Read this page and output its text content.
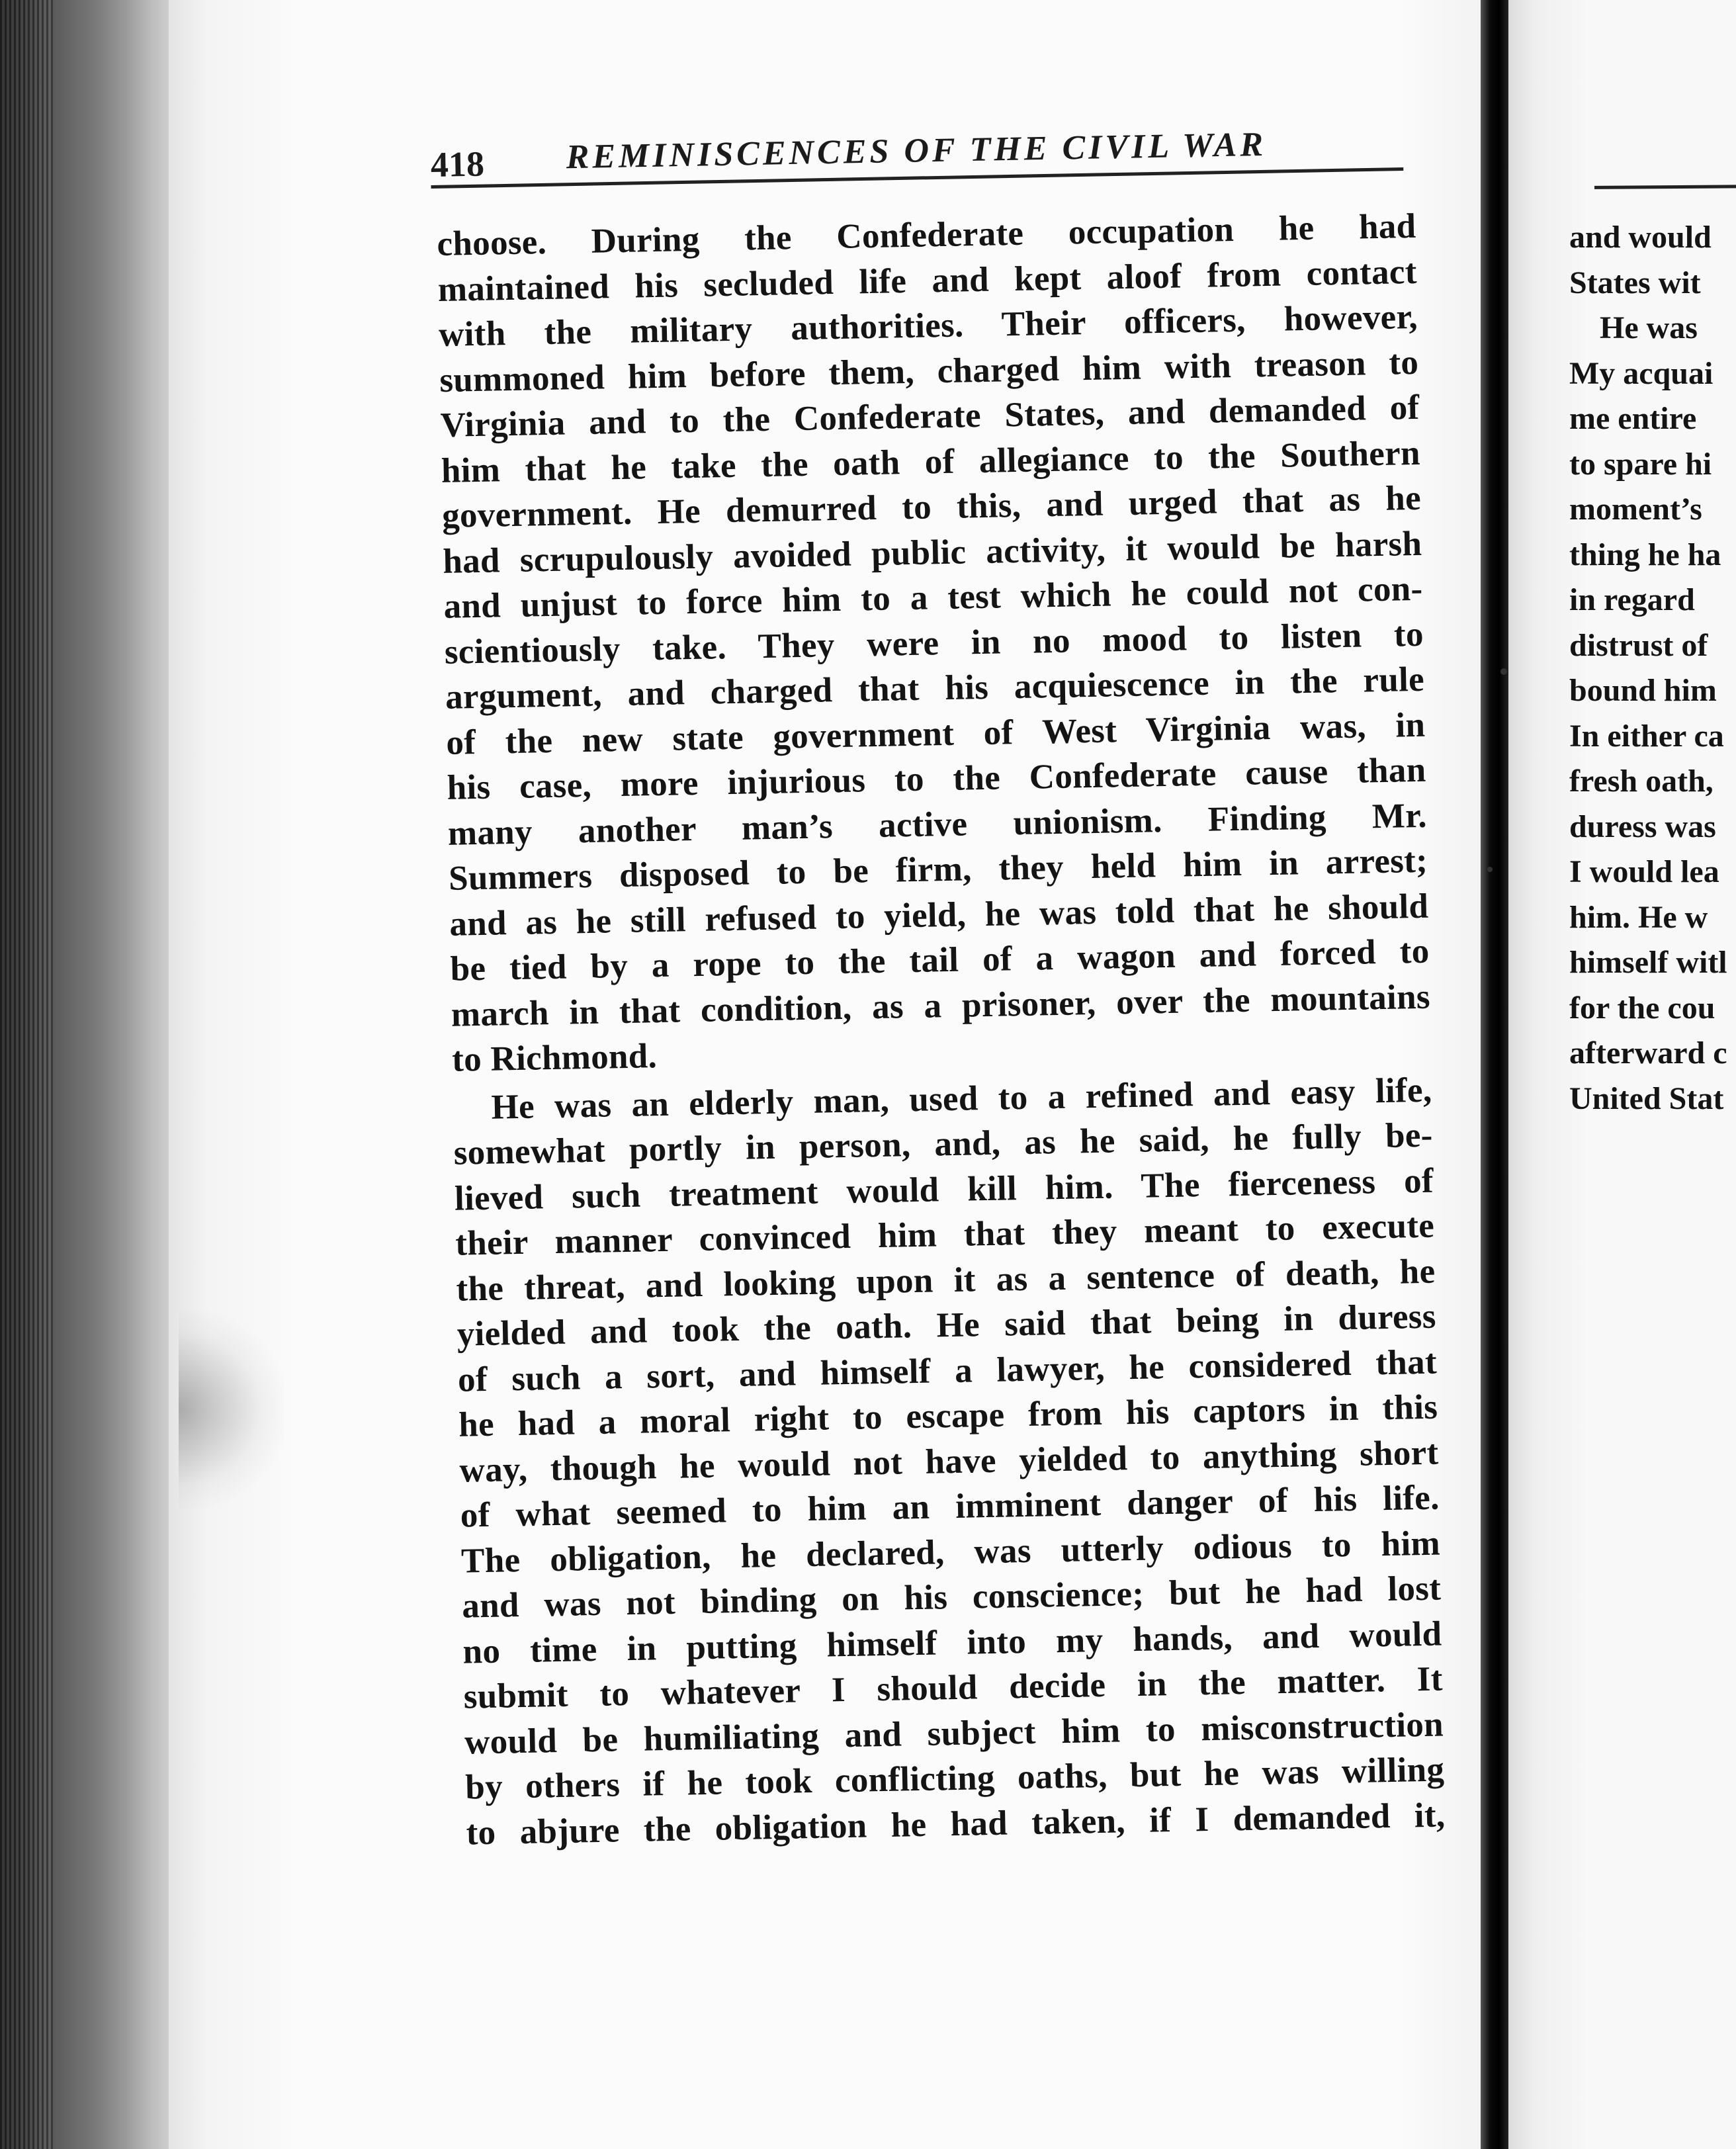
418 REMINISCENCES OF THE CIVIL WAR
choose. During the Confederate occupation he had
maintained his secluded life and kept aloof from contact
with the military authorities. Their officers, however,
summoned him before them, charged him with treason to
Virginia and to the Confederate States, and demanded of
him that he take the oath of allegiance to the Southern
government. He demurred to this, and urged that as he
had scrupulously avoided public activity, it would be harsh
and unjust to force him to a test which he could not con-
scientiously take. They were in no mood to listen to
argument, and charged that his acquiescence in the rule
of the new state government of West Virginia was, in
his case, more injurious to the Confederate cause than
many another man’s active unionism. Finding Mr.
Summers disposed to be firm, they held him in arrest;
and as he still refused to yield, he was told that he should
be tied by a rope to the tail of a wagon and forced to
march in that condition, as a prisoner, over the mountains
to Richmond.
He was an elderly man, used to a refined and easy life,
somewhat portly in person, and, as he said, he fully be-
lieved such treatment would kill him. The fierceness of
their manner convinced him that they meant to execute
the threat, and looking upon it as a sentence of death, he
yielded and took the oath. He said that being in duress
of such a sort, and himself a lawyer, he considered that
he had a moral right to escape from his captors in this
way, though he would not have yielded to anything short
of what seemed to him an imminent danger of his life.
The obligation, he declared, was utterly odious to him
and was not binding on his conscience; but he had lost
no time in putting himself into my hands, and would
submit to whatever I should decide in the matter. It
would be humiliating and subject him to misconstruction
by others if he took conflicting oaths, but he was willing
to abjure the obligation he had taken, if I demanded it,
and would
States wit
He was
My acquai
me entire
to spare hi
moment’s
thing he ha
in regard
distrust of
bound him
In either ca
fresh oath,
duress was
I would lea
him. He w
himself witl
for the cou
afterward c
United Stat
